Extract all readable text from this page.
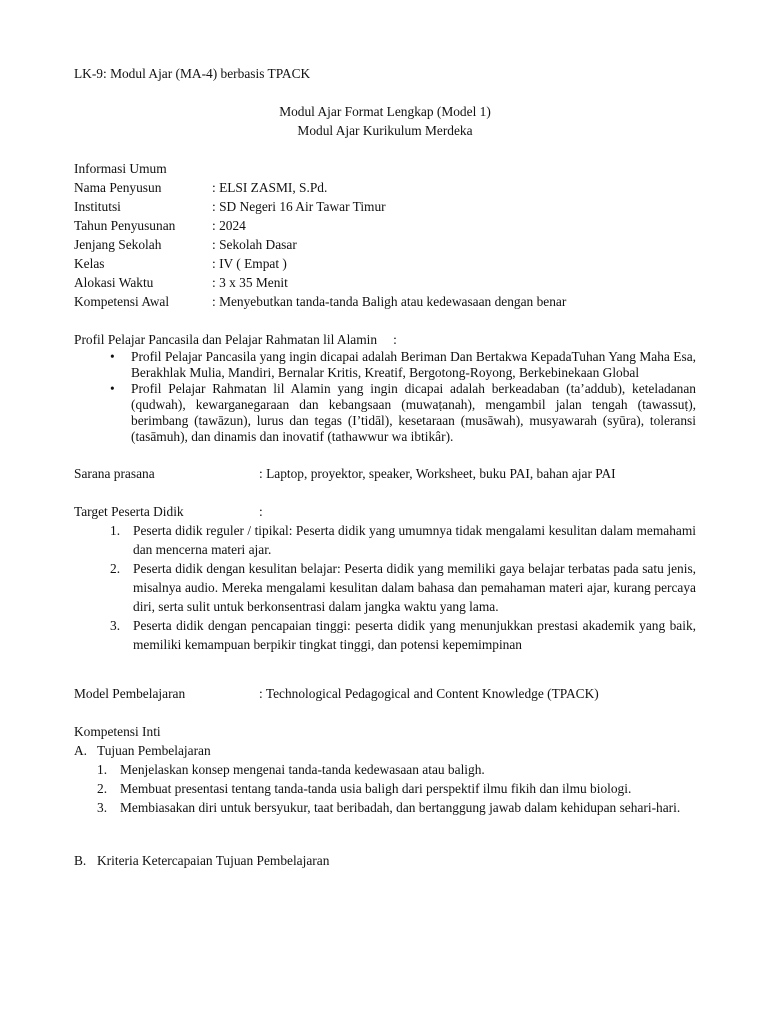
LK-9: Modul Ajar (MA-4) berbasis TPACK
Modul Ajar Format Lengkap (Model 1)
Modul Ajar Kurikulum Merdeka
Informasi Umum
Nama Penyusun	: ELSI ZASMI, S.Pd.
Institutsi	: SD Negeri 16 Air Tawar Timur
Tahun Penyusunan	: 2024
Jenjang Sekolah	: Sekolah Dasar
Kelas	: IV ( Empat )
Alokasi Waktu	: 3 x 35 Menit
Kompetensi Awal	: Menyebutkan tanda-tanda Baligh atau kedewasaan dengan benar
Profil Pelajar Pancasila dan Pelajar Rahmatan lil Alamin :
• Profil Pelajar Pancasila yang ingin dicapai adalah Beriman Dan Bertakwa KepadaTuhan Yang Maha Esa, Berakhlak Mulia, Mandiri, Bernalar Kritis, Kreatif, Bergotong-Royong, Berkebinekaan Global
• Profil Pelajar Rahmatan lil Alamin yang ingin dicapai adalah berkeadaban (ta’addub), keteladanan (qudwah), kewarganegaraan dan kebangsaan (muwaṭanah), mengambil jalan tengah (tawassuṭ), berimbang (tawāzun), lurus dan tegas (I’tidāl), kesetaraan (musāwah), musyawarah (syūra), toleransi (tasāmuh), dan dinamis dan inovatif (tathawwur wa ibtikâr).
Sarana prasana	: Laptop, proyektor, speaker, Worksheet, buku PAI, bahan ajar PAI
Target Peserta Didik	:
1. Peserta didik reguler / tipikal: Peserta didik yang umumnya tidak mengalami kesulitan dalam memahami dan mencerna materi ajar.
2. Peserta didik dengan kesulitan belajar: Peserta didik yang memiliki gaya belajar terbatas pada satu jenis, misalnya audio. Mereka mengalami kesulitan dalam bahasa dan pemahaman materi ajar, kurang percaya diri, serta sulit untuk berkonsentrasi dalam jangka waktu yang lama.
3. Peserta didik dengan pencapaian tinggi: peserta didik yang menunjukkan prestasi akademik yang baik, memiliki kemampuan berpikir tingkat tinggi, dan potensi kepemimpinan
Model Pembelajaran	: Technological Pedagogical and Content Knowledge (TPACK)
Kompetensi Inti
A. Tujuan Pembelajaran
1. Menjelaskan konsep mengenai tanda-tanda kedewasaan atau baligh.
2. Membuat presentasi tentang tanda-tanda usia baligh dari perspektif ilmu fikih dan ilmu biologi.
3. Membiasakan diri untuk bersyukur, taat beribadah, dan bertanggung jawab dalam kehidupan sehari-hari.
B. Kriteria Ketercapaian Tujuan Pembelajaran
